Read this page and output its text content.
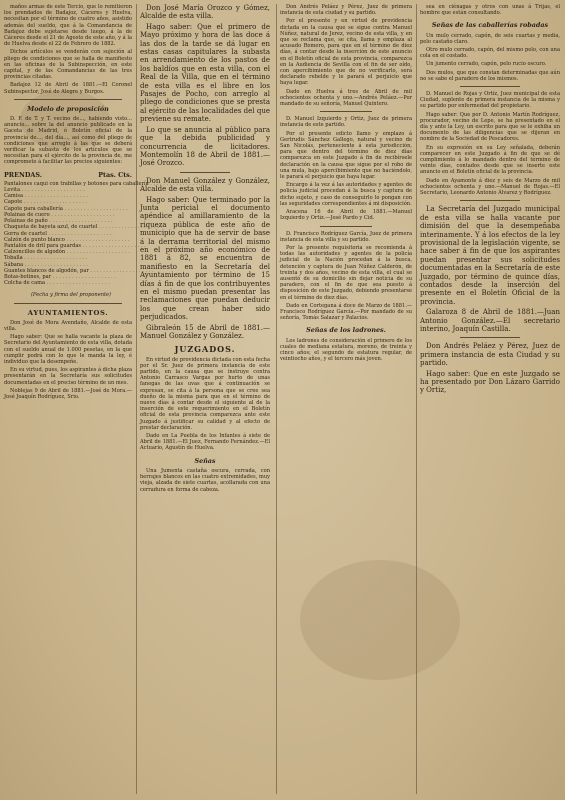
maños armas de este Tercio, que lo remitieron los prendados de Badajoz, Cáceres y Huelva, necesitan por el término de cuatro años, asistido además del sueldo, que á la Comandancia de Badajoz debe sujetarse desde luego, á la de Cáceres desde el 21 de Agosto de este año, y á la de Huelva desde el 22 de Febrero de 1882.

Dichos artículos se venderán con sujeción al pliego de condiciones que se halla de manifiesto en las oficinas de la Subinspección, en este capital, y de las Comandancias de las tres provincias citadas.

Badajoz 12 de Abril de 1881.—El Coronel Subinspector, José de Alegre y Burgos.

Modelo de proposición

D. F. de T. y T. vecino de..., habiendo visto... anuncio... sobre la del anuncio publicado en la Gaceta de Madrid, ó Boletín oficial de la provincia de..., del día..., así como del pliego de condiciones que arreglo á las que se deberá verificar la subasta de los artículos que se necesitan para el ejército de la provincia de, me comprometo á facilitar las precios siguientes:

PRENDAS.	Ptas. Cts.
Pantalones caqui con trabillas y botones para caballería . . .
Levita . . .
Camisa . . .
Capote . . .
Capote para caballería . . .
Polainas de cuero . . .
Polainas de paño . . .
Chaqueta de bayeta azul, de cuartel . . .
Gorra de cuartel . . .
Calzón de punto blanco . . .
Pantalón de dril para guardas . . .
Calzoncillos de algodón . . .
Toballa . . .
Sábana . . .
Guantes blancos de algodón, par . . .
Botas-botines, par . . .
Colcha de cama . . .

(Fecha y firma del proponente)

AYUNTAMIENTOS.

Don José de Mora Avendaño, Alcalde de esta villa.

Hago saber: Que se halla vacante la plaza de Secretario del Ayuntamiento de esta villa, dotada con el sueldo anual de 1.000 pesetas, en la que cumplir podrá con lo que le manda la ley, é individuo que la desempeñe.

En su virtud, pues, los aspirantes á dicha plaza presentarán en la Secretaría sus solicitudes documentadas en el preciso término de un mes.

Noblejas 9 de Abril de 1881.—José de Mora.—José Joaquín Rodríguez, Srio.

Don José María Orozco y Gómez, Alcalde de esta villa.

Hago saber: Que el primero de Mayo próximo y hora de las doce á las dos de la tarde se dá lugar en estas casas capitulares la subasta en arrendamiento de los pastos de los baldíos que en esta villa, con el Real de la Villa, que en el término de esta villa es el libre en los Pasajes de Pocho, con arreglo al pliego de condiciones que se presta al ejército de las localidades del que previene su remate.

Lo que se anuncia al público para que la debida publicidad y concurrencia de licitadores. Montemolín 18 de Abril de 1881.—José Orozco.

Don Manuel González y González, Alcalde de esta villa.

Hago saber: Que terminado por la Junta pericial el documento apéndice al amillaramiento de la riqueza pública de este año de municipio que ha de servir de base á la derrama territorial del mismo en el próximo año económico de 1881 á 82, se encuentra de manifiesto en la Secretaría del Ayuntamiento por término de 15 días á fin de que los contribuyentes en el mismo puedan presentar las reclamaciones que puedan deducir los que crean haber sido perjudicados.

Gibraleón 15 de Abril de 1881.—Manuel González y González.

JUZGADOS.

En virtud de providencia dictada con esta fecha por el Sr. Juez de primera instancia de este partido, en la causa que se instruye contra Antonio Carrasco Vargas por hurto de unas fanegas de las uvas que á continuación se expresan, se cita á la persona que se cree sea dueño de la misma para que en el término de nueve días á contar desde el siguiente al de la inserción de este requerimiento en el Boletín oficial de esta provincia comparezca ante este Juzgado á justificar su calidad y al efecto de prestar declaración.

Dado en La Puebla de los Infantes á siete de Abril de 1881.—El Juez, Fernando Fernández.—El Actuario, Agustín de Huelva.

Señas

Una Jumenta castaña oscura, cerrada, con herrajes blancos en las cuatro extremidades, muy vieja, alzada de siete cuartas, acollarada con una cerradura en forma de cabeza.

Don Andrés Peláez y Pérez, Juez de primera instancia de esta ciudad y su partido.

Por el presente y en virtud de providencia dictada en la causa que se sigue contra Manuel Núñez, natural de Jerez, vecino de esta villa, y en que se reclama que, se cita, llama y emplaza al acusado Romero, para que en el término de diez días, á contar desde la inserción de este anuncio en el Boletín oficial de esta provincia, comparezca en la Audiencia de Sevilla con el fin de ser oído, con apercibimiento que de no verificarlo, será declarado rebelde y le parará el perjuicio que haya lugar.

Dado en Huelva á tres de Abril de mil ochocientos ochenta y uno.—Andrés Peláez.—Por mandado de su señoría, Manuel Quintero.

D. Manuel Izquierdo y Ortiz, Juez de primera instancia de este partido.

Por el presente edicto llamo y emplazo á Gertrudis Sánchez Gallego, natural y vecino de San Nicolás, perteneciente á esta jurisdicción, para que dentro del término de diez días comparezca en este Juzgado á fin de recibírsele declaración en la causa que sigue por el robo de una mula, bajo apercibimiento que no haciéndolo, le parará el perjuicio que haya lugar.

Encargo á la vez á las autoridades y agentes de policía judicial procedan á la busca y captura de dicho sujeto, y caso de conseguirlo lo pongan con las seguridades correspondientes á mi disposición.

Aracena 16 de Abril de 1881.—Manuel Izquierdo y Ortiz.—José Pardo y Cid.

D. Francisco Rodríguez García, Juez de primera instancia de esta villa y su partido.

Por la presente requisitoria se recomienda á todas las autoridades y agentes de la policía judicial de la Nación procedan á la busca, detención y captura de Juan Núñez Calderón, de treinta y dos años, vecino de esta villa, el cual se ausentó de su domicilio sin dejar noticia de su paradero, con el fin de que sea puesto á disposición de este Juzgado, debiendo presentarse en el término de diez días.

Dado en Cortegana á doce de Marzo de 1881.—Francisco Rodríguez García.—Por mandado de su señoría, Tomás Salazar y Palacios.

Señas de los ladrones.

Los ladrones de consideración el primero de los cuales de mediana estatura, moreno, de treinta y cinco años; el segundo de estatura regular, de veintiocho años, y el tercero más joven.

sea en ciénagas y otros con unas á Trijas, el hombre que están consultando.

Señas de las caballerías robadas

Un mulo cerrado, capón, de seis cuartas y media, pelo castaño claro.

Otro mulo cerrado, capón, del mismo pelo, con una cola en el costado.

Un jumento cerrado, capón, pelo rucio oscuro.

Dos mulos, que que constan determinadas que aún no se sabe el paradero de los mismos.

D. Manuel de Rojas y Ortiz, Juez municipal de esta Ciudad, suplente de primera instancia de la misma y su partido por enfermedad del propietario.

Hago saber: Que por D. Antonio Martín Rodríguez, procurador, vecino de Lepe, se ha presentado en el día y ante la Ley, un escrito para que se le exhiba un documento de las diligencias que se dijeran en nombre de la Sociedad de Pescadores.

En su expresión en su Ley señalada, deberán comparecer en este Juzgado á fin de que se dé cumplimiento á lo mandado dentro del término de veinte días, contados desde que se inserte este anuncio en el Boletín oficial de la provincia.

Dado en Ayamonte á diez y seis de Marzo de mil ochocientos ochenta y uno.—Manuel de Rojas.—El Secretario, Leonardo Antonio Álvarez y Rodríguez.

La Secretaría del Juzgado municipal de esta villa se halla vacante por dimisión del que la desempeñaba interinamente. Y á los efectos de la ley provisional de la legislación vigente, se hace saber á fin de que los aspirantes puedan presentar sus solicitudes documentadas en la Secretaría de este Juzgado, por término de quince días, contados desde la inserción del presente en el Boletín Oficial de la provincia.

Galaroza 8 de Abril de 1881.—Juan Antonio González.—El secretario interino, Joaquín Castilla.

Don Andrés Peláez y Pérez, Juez de primera instancia de esta Ciudad y su partido.

Hago saber: Que en este Juzgado se ha presentado por Don Lázaro Garrido y Ortiz,
